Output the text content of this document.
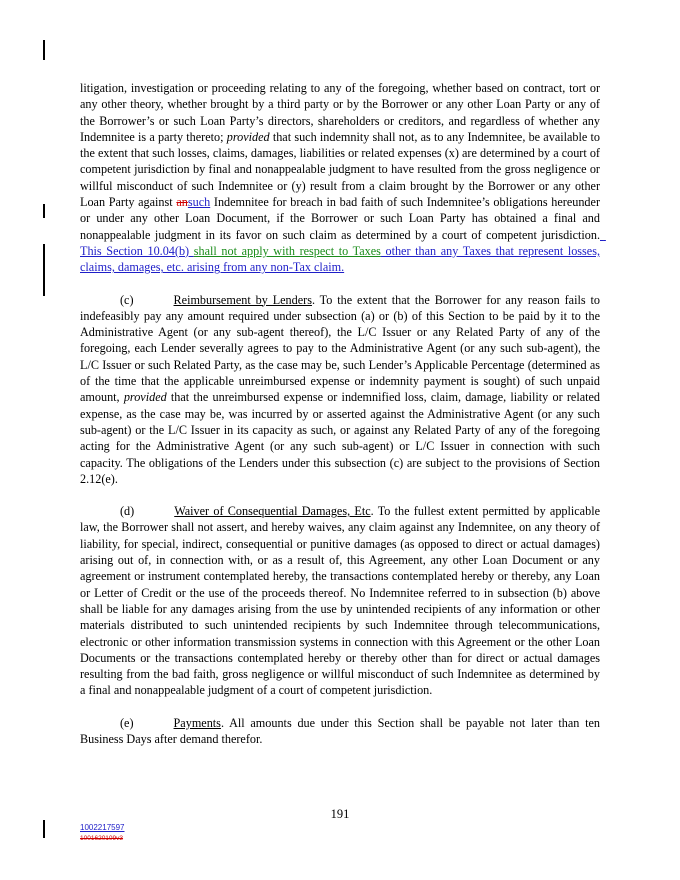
litigation, investigation or proceeding relating to any of the foregoing, whether based on contract, tort or any other theory, whether brought by a third party or by the Borrower or any other Loan Party or any of the Borrower’s or such Loan Party’s directors, shareholders or creditors, and regardless of whether any Indemnitee is a party thereto; provided that such indemnity shall not, as to any Indemnitee, be available to the extent that such losses, claims, damages, liabilities or related expenses (x) are determined by a court of competent jurisdiction by final and nonappealable judgment to have resulted from the gross negligence or willful misconduct of such Indemnitee or (y) result from a claim brought by the Borrower or any other Loan Party against ansuch Indemnitee for breach in bad faith of such Indemnitee’s obligations hereunder or under any other Loan Document, if the Borrower or such Loan Party has obtained a final and nonappealable judgment in its favor on such claim as determined by a court of competent jurisdiction.  This Section 10.04(b) shall not apply with respect to Taxes other than any Taxes that represent losses, claims, damages, etc. arising from any non-Tax claim.

(c)	Reimbursement by Lenders. To the extent that the Borrower for any reason fails to indefeasibly pay any amount required under subsection (a) or (b) of this Section to be paid by it to the Administrative Agent (or any sub-agent thereof), the L/C Issuer or any Related Party of any of the foregoing, each Lender severally agrees to pay to the Administrative Agent (or any such sub-agent), the L/C Issuer or such Related Party, as the case may be, such Lender’s Applicable Percentage (determined as of the time that the applicable unreimbursed expense or indemnity payment is sought) of such unpaid amount, provided that the unreimbursed expense or indemnified loss, claim, damage, liability or related expense, as the case may be, was incurred by or asserted against the Administrative Agent (or any such sub-agent) or the L/C Issuer in its capacity as such, or against any Related Party of any of the foregoing acting for the Administrative Agent (or any such sub-agent) or L/C Issuer in connection with such capacity. The obligations of the Lenders under this subsection (c) are subject to the provisions of Section 2.12(e).

(d)	Waiver of Consequential Damages, Etc. To the fullest extent permitted by applicable law, the Borrower shall not assert, and hereby waives, any claim against any Indemnitee, on any theory of liability, for special, indirect, consequential or punitive damages (as opposed to direct or actual damages) arising out of, in connection with, or as a result of, this Agreement, any other Loan Document or any agreement or instrument contemplated hereby, the transactions contemplated hereby or thereby, any Loan or Letter of Credit or the use of the proceeds thereof. No Indemnitee referred to in subsection (b) above shall be liable for any damages arising from the use by unintended recipients of any information or other materials distributed to such unintended recipients by such Indemnitee through telecommunications, electronic or other information transmission systems in connection with this Agreement or the other Loan Documents or the transactions contemplated hereby or thereby other than for direct or actual damages resulting from the bad faith, gross negligence or willful misconduct of such Indemnitee as determined by a final and nonappealable judgment of a court of competent jurisdiction.

(e)	Payments. All amounts due under this Section shall be payable not later than ten Business Days after demand therefor.

191
1002217597
1001620109v3
